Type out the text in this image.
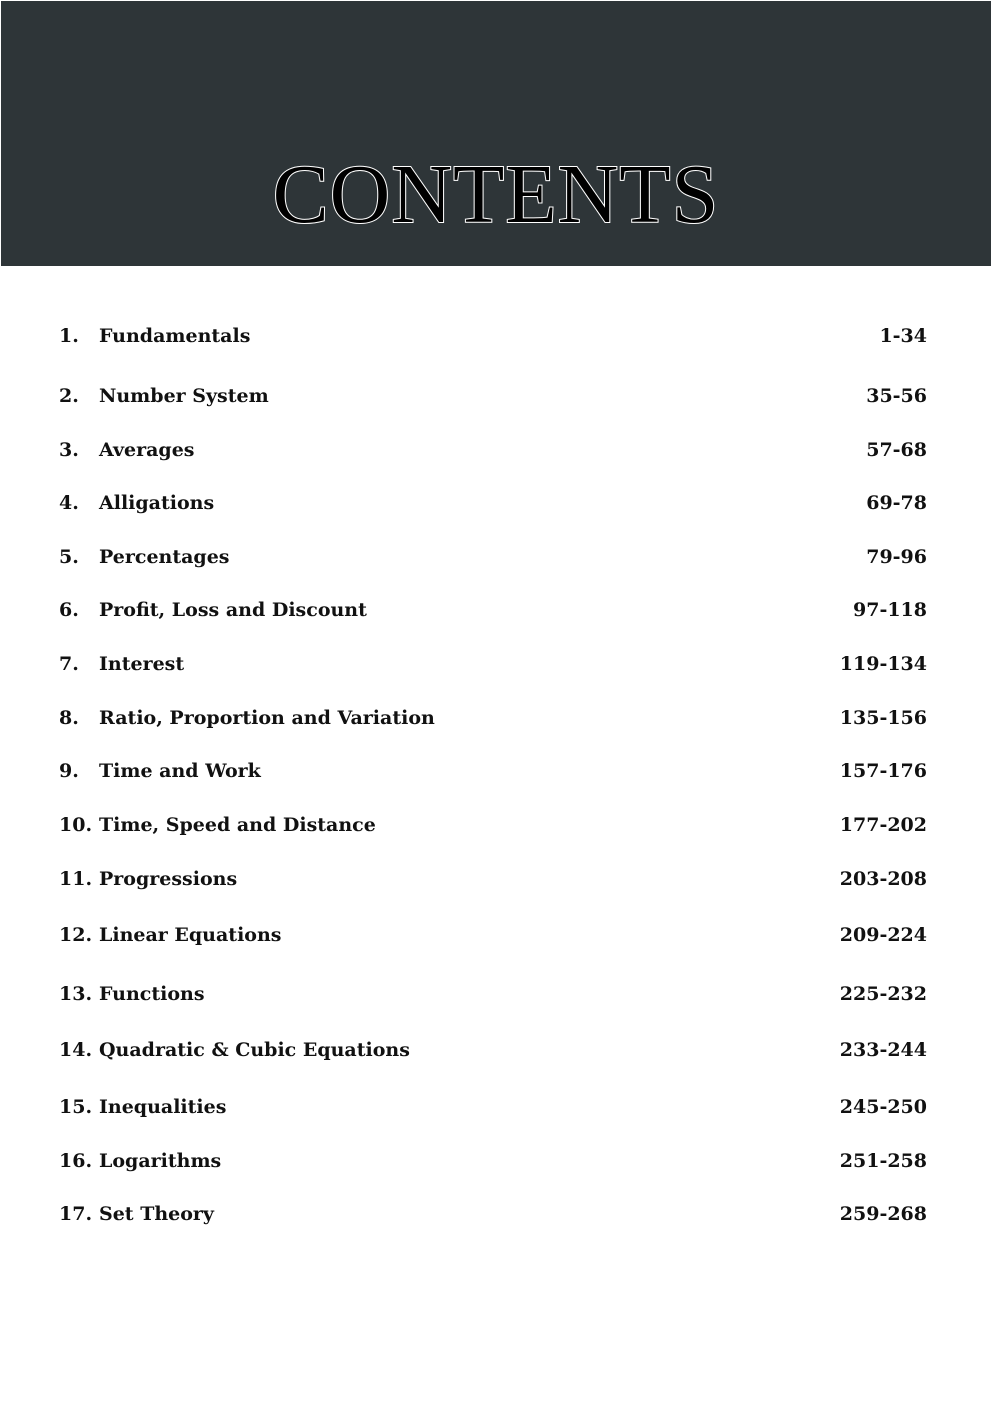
CONTENTS
1. Fundamentals	1-34
2. Number System	35-56
3. Averages	57-68
4. Alligations	69-78
5. Percentages	79-96
6. Profit, Loss and Discount	97-118
7. Interest	119-134
8. Ratio, Proportion and Variation	135-156
9. Time and Work	157-176
10. Time, Speed and Distance	177-202
11. Progressions	203-208
12. Linear Equations	209-224
13. Functions	225-232
14. Quadratic & Cubic Equations	233-244
15. Inequalities	245-250
16. Logarithms	251-258
17. Set Theory	259-268
